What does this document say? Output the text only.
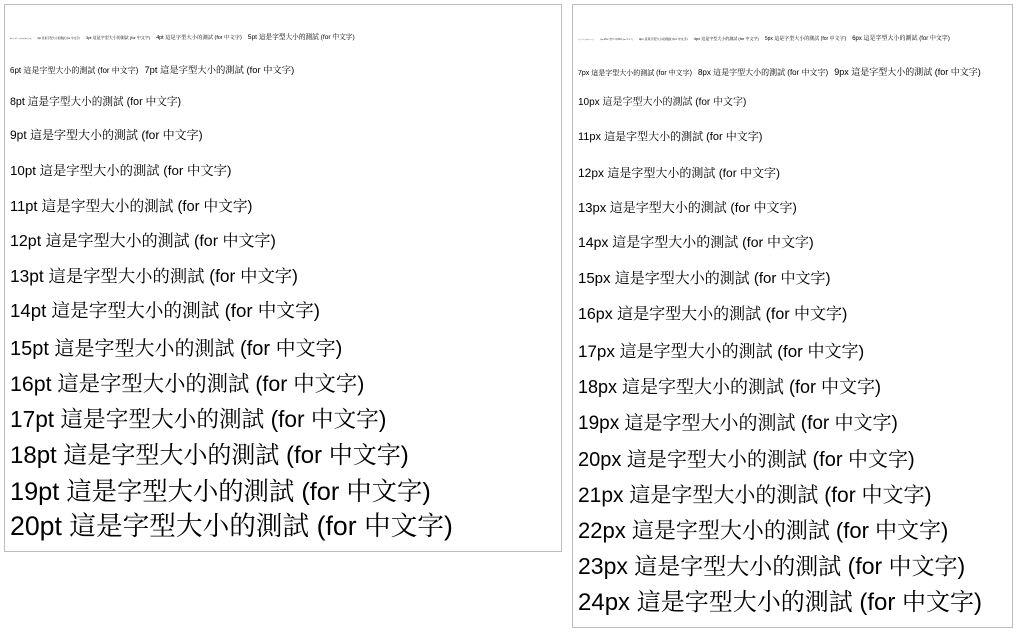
1pt 這是字型大小的測試 (for 中文字) 2pt 這是字型大小的測試 (for 中文字) 3pt 這是字型大小的測試 (for 中文字) 4pt 這是字型大小的測試 (for 中文字) 5pt 這是字型大小的測試 (for 中文字)
6pt 這是字型大小的測試 (for 中文字) 7pt 這是字型大小的測試 (for 中文字)
8pt 這是字型大小的測試 (for 中文字)
9pt 這是字型大小的測試 (for 中文字)
10pt 這是字型大小的測試 (for 中文字)
11pt 這是字型大小的測試 (for 中文字)
12pt 這是字型大小的測試 (for 中文字)
13pt 這是字型大小的測試 (for 中文字)
14pt 這是字型大小的測試 (for 中文字)
15pt 這是字型大小的測試 (for 中文字)
16pt 這是字型大小的測試 (for 中文字)
17pt 這是字型大小的測試 (for 中文字)
18pt 這是字型大小的測試 (for 中文字)
19pt 這是字型大小的測試 (for 中文字)
20pt 這是字型大小的測試 (for 中文字)
1px 這是字型大小的測試 (for 中文字)	2px 這是字型大小的測試 (for 中文字) 3px 這是字型大小的測試 (for 中文字) 4px 這是字型大小的測試 (for 中文字) 5px 這是字型大小的測試 (for 中文字) 6px 這是字型大小的測試 (for 中文字)
7px 這是字型大小的測試 (for 中文字) 8px 這是字型大小的測試 (for 中文字) 9px 這是字型大小的測試 (for 中文字)
10px 這是字型大小的測試 (for 中文字)
11px 這是字型大小的測試 (for 中文字)
12px 這是字型大小的測試 (for 中文字)
13px 這是字型大小的測試 (for 中文字)
14px 這是字型大小的測試 (for 中文字)
15px 這是字型大小的測試 (for 中文字)
16px 這是字型大小的測試 (for 中文字)
17px 這是字型大小的測試 (for 中文字)
18px 這是字型大小的測試 (for 中文字)
19px 這是字型大小的測試 (for 中文字)
20px 這是字型大小的測試 (for 中文字)
21px 這是字型大小的測試 (for 中文字)
22px 這是字型大小的測試 (for 中文字)
23px 這是字型大小的測試 (for 中文字)
24px 這是字型大小的測試 (for 中文字)
